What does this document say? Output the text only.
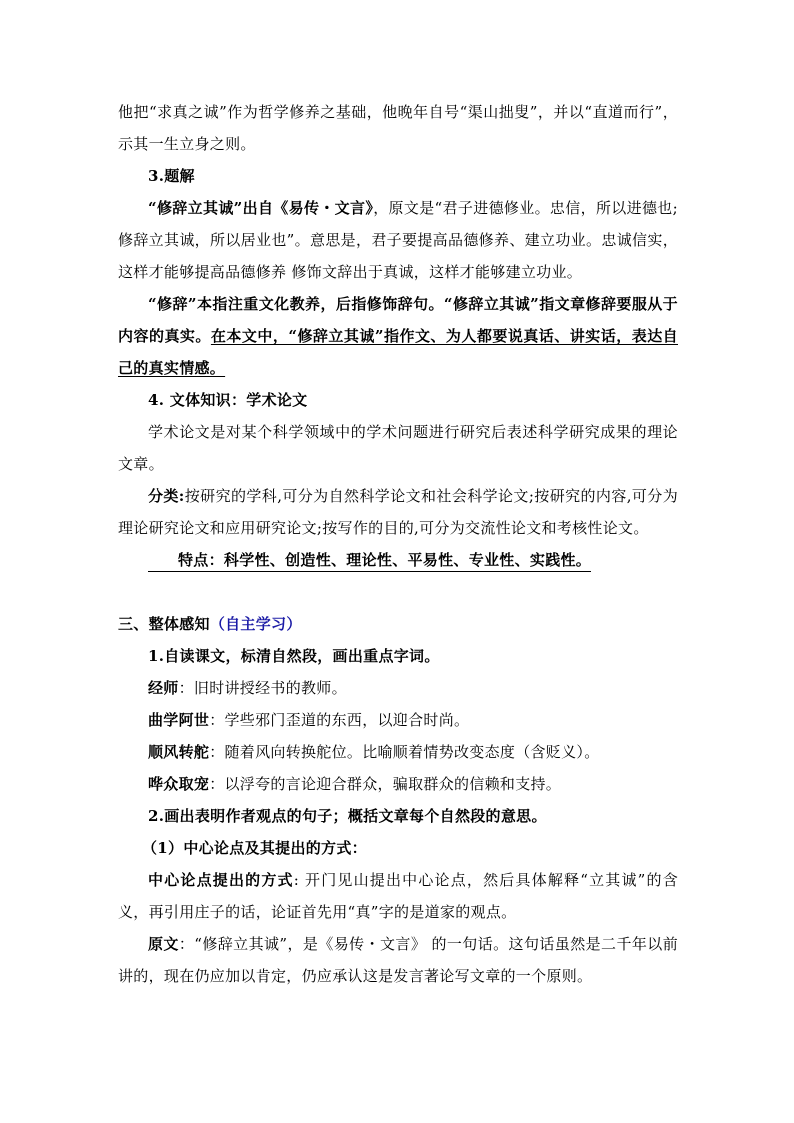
他把“求真之诚”作为哲学修养之基础，他晚年自号“渠山拙叟”，并以“直道而行”，示其一生立身之则。

3.题解

“修辞立其诚”出自《易传・文言》，原文是“君子进德修业。忠信，所以进德也; 修辞立其诚，所以居业也”。意思是，君子要提高品德修养、建立功业。忠诚信实，这样才能够提高品德修养 修饰文辞出于真诚，这样才能够建立功业。

“修辞”本指注重文化教养，后指修饰辞句。“修辞立其诚”指文章修辞要服从于内容的真实。在本文中，“修辞立其诚”指作文、为人都要说真话、讲实话，表达自己的真实情感。

4. 文体知识：学术论文

学术论文是对某个科学领域中的学术问题进行研究后表述科学研究成果的理论文章。

分类:按研究的学科,可分为自然科学论文和社会科学论文;按研究的内容,可分为理论研究论文和应用研究论文;按写作的目的,可分为交流性论文和考核性论文。

特点：科学性、创造性、理论性、平易性、专业性、实践性。

三、整体感知（自主学习）

1.自读课文，标清自然段，画出重点字词。

经师：旧时讲授经书的教师。

曲学阿世：学些邪门歪道的东西，以迎合时尚。

顺风转舵：随着风向转换舵位。比喻顺着情势改变态度（含贬义）。

哗众取宠：以浮夸的言论迎合群众，骗取群众的信赖和支持。

2.画出表明作者观点的句子；概括文章每个自然段的意思。

（1）中心论点及其提出的方式：

中心论点提出的方式: 开门见山提出中心论点，然后具体解释“立其诚”的含义，再引用庄子的话，论证首先用“真”字的是道家的观点。

原文：“修辞立其诚”，是《易传・文言》 的一句话。这句话虽然是二千年以前讲的，现在仍应加以肯定，仍应承认这是发言著论写文章的一个原则。
